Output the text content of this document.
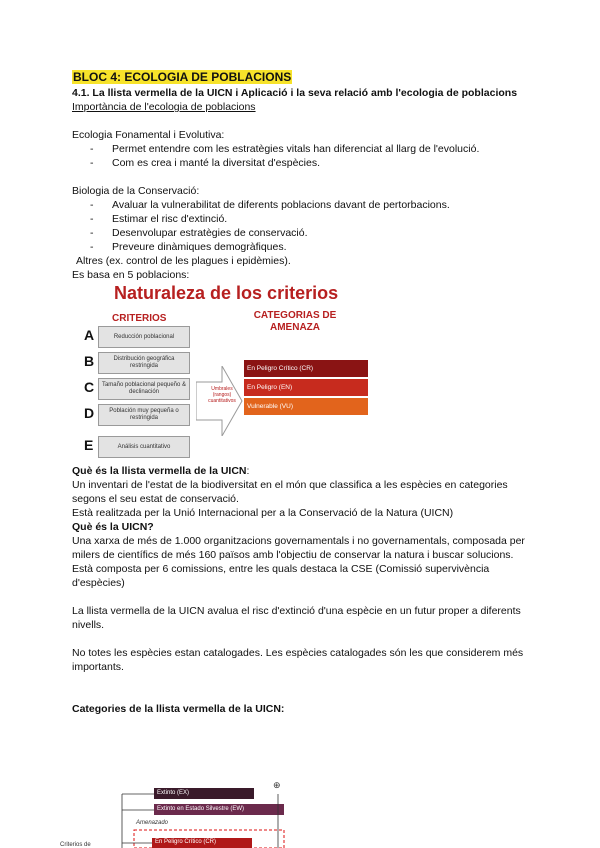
BLOC 4: ECOLOGIA DE POBLACIONS
4.1. La llista vermella de la UICN i Aplicació i la seva relació amb l'ecologia de poblacions
Importància de l'ecologia de poblacions

Ecologia Fonamental i Evolutiva:

- Permet entendre com les estratègies vitals han diferenciat al llarg de l'evolució.
- Com es crea i manté la diversitat d'espècies.

Biologia de la Conservació:

- Avaluar la vulnerabilitat de diferents poblacions davant de pertorbacions.
- Estimar el risc d'extinció.
- Desenvolupar estratègies de conservació.
- Preveure dinàmiques demogràfiques.

Altres (ex. control de les plagues i epidèmies).

Es basa en 5 poblacions:

Naturaleza de los criterios
CRITERIOS	CATEGORIAS DE AMENAZA
A	Reducción poblacional
B	Distribución geográfica restringida
C	Tamaño poblacional pequeño & declinación
D	Población muy pequeña o restringida
E	Análisis cuantitativo
Umbrales (rangos) cuantitativos
En Peligro Crítico (CR)
En Peligro (EN)
Vulnerable (VU)

Què és la llista vermella de la UICN:

Un inventari de l'estat de la biodiversitat en el món que classifica a les espècies en categories segons el seu estat de conservació.

Està realitzada per la Unió Internacional per a la Conservació de la Natura (UICN)

Què és la UICN?

Una xarxa de més de 1.000 organitzacions governamentals i no governamentals, composada per milers de científics de més 160 països amb l'objectiu de conservar la natura i buscar solucions.

Està composta per 6 comissions, entre les quals destaca la CSE (Comissió supervivència d'espècies)

La llista vermella de la UICN avalua el risc d'extinció d'una espècie en un futur proper a diferents nivells.

No totes les espècies estan catalogades. Les espècies catalogades són les que considerem més importants.

Categories de la llista vermella de la UICN:

Extinto (EX)
Extinto en Estado Silvestre (EW)
Amenazado
En Peligro Crítico (CR)
Criterios de
⊕
